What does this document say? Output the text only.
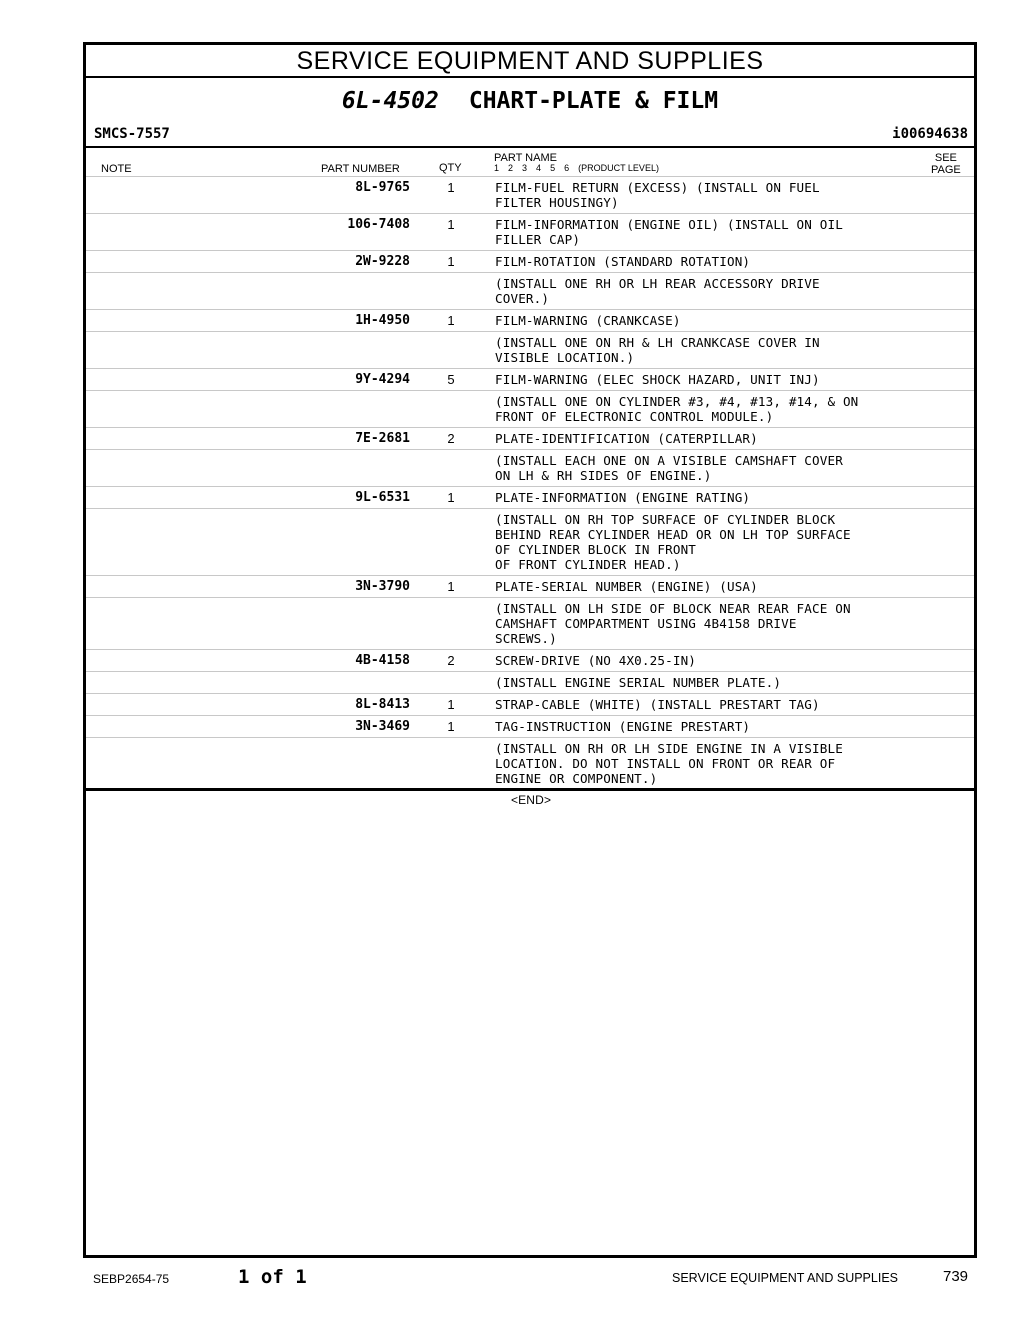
SERVICE EQUIPMENT AND SUPPLIES
6L-4502 CHART-PLATE & FILM
SMCS-7557	i00694638
NOTE	PART NUMBER	QTY
PART NAME
1 2 3 4 5 6 (PRODUCT LEVEL)
SEE
PAGE
8L-9765	1	FILM-FUEL RETURN (EXCESS) (INSTALL ON FUEL
FILTER HOUSINGY)
106-7408	1	FILM-INFORMATION (ENGINE OIL) (INSTALL ON OIL
FILLER CAP)
2W-9228	1	FILM-ROTATION (STANDARD ROTATION)
(INSTALL ONE RH OR LH REAR ACCESSORY DRIVE
COVER.)
1H-4950	1	FILM-WARNING (CRANKCASE)
(INSTALL ONE ON RH & LH CRANKCASE COVER IN
VISIBLE LOCATION.)
9Y-4294	5	FILM-WARNING (ELEC SHOCK HAZARD, UNIT INJ)
(INSTALL ONE ON CYLINDER #3, #4, #13, #14, & ON
FRONT OF ELECTRONIC CONTROL MODULE.)
7E-2681	2	PLATE-IDENTIFICATION (CATERPILLAR)
(INSTALL EACH ONE ON A VISIBLE CAMSHAFT COVER
ON LH & RH SIDES OF ENGINE.)
9L-6531	1	PLATE-INFORMATION (ENGINE RATING)
(INSTALL ON RH TOP SURFACE OF CYLINDER BLOCK
BEHIND REAR CYLINDER HEAD OR ON LH TOP SURFACE
OF CYLINDER BLOCK IN FRONT
OF FRONT CYLINDER HEAD.)
3N-3790	1	PLATE-SERIAL NUMBER (ENGINE) (USA)
(INSTALL ON LH SIDE OF BLOCK NEAR REAR FACE ON
CAMSHAFT COMPARTMENT USING 4B4158 DRIVE
SCREWS.)
4B-4158	2	SCREW-DRIVE (NO 4X0.25-IN)
(INSTALL ENGINE SERIAL NUMBER PLATE.)
8L-8413	1	STRAP-CABLE (WHITE) (INSTALL PRESTART TAG)
3N-3469	1	TAG-INSTRUCTION (ENGINE PRESTART)
(INSTALL ON RH OR LH SIDE ENGINE IN A VISIBLE
LOCATION. DO NOT INSTALL ON FRONT OR REAR OF
ENGINE OR COMPONENT.)
<END>
SEBP2654-75	1 of 1	SERVICE EQUIPMENT AND SUPPLIES	739
